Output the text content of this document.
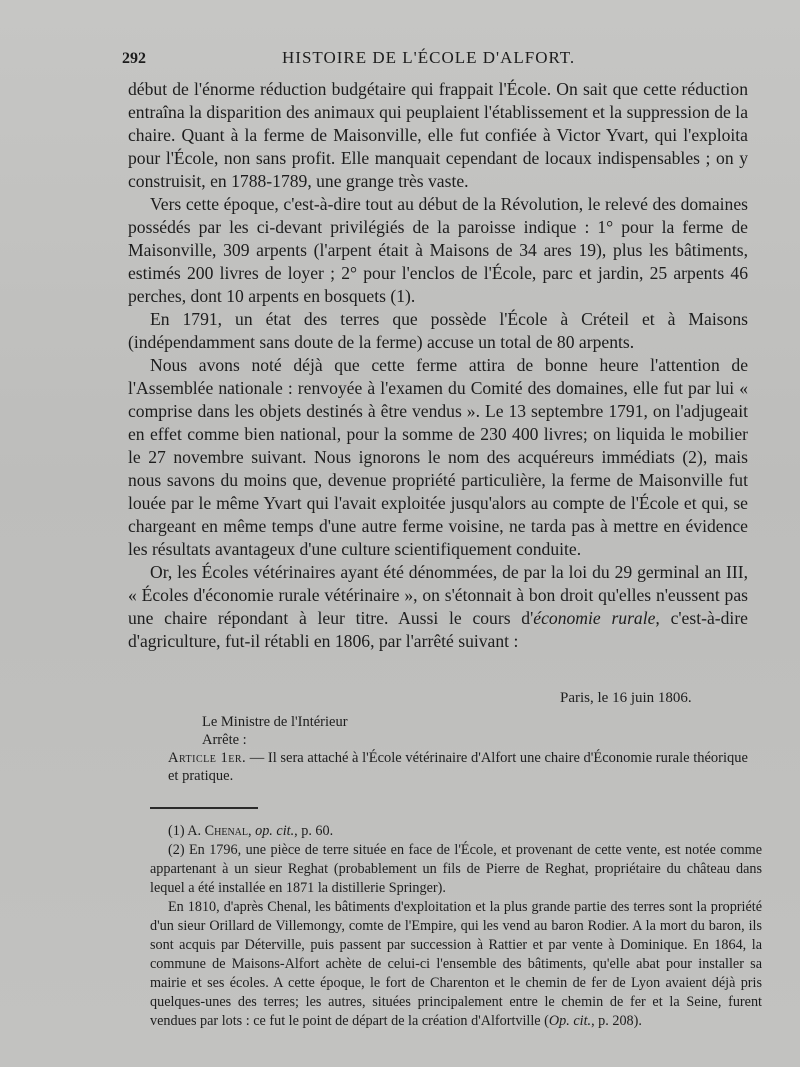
292	HISTOIRE DE L'ÉCOLE D'ALFORT.

début de l'énorme réduction budgétaire qui frappait l'École. On sait que cette réduction entraîna la disparition des animaux qui peuplaient l'établissement et la suppression de la chaire. Quant à la ferme de Maisonville, elle fut confiée à Victor Yvart, qui l'exploita pour l'École, non sans profit. Elle manquait cependant de locaux indispensables ; on y construisit, en 1788-1789, une grange très vaste.

Vers cette époque, c'est-à-dire tout au début de la Révolution, le relevé des domaines possédés par les ci-devant privilégiés de la paroisse indique : 1° pour la ferme de Maisonville, 309 arpents (l'arpent était à Maisons de 34 ares 19), plus les bâtiments, estimés 200 livres de loyer ; 2° pour l'enclos de l'École, parc et jardin, 25 arpents 46 perches, dont 10 arpents en bosquets (1).

En 1791, un état des terres que possède l'École à Créteil et à Maisons (indépendamment sans doute de la ferme) accuse un total de 80 arpents.

Nous avons noté déjà que cette ferme attira de bonne heure l'attention de l'Assemblée nationale : renvoyée à l'examen du Comité des domaines, elle fut par lui « comprise dans les objets destinés à être vendus ». Le 13 septembre 1791, on l'adjugeait en effet comme bien national, pour la somme de 230 400 livres; on liquida le mobilier le 27 novembre suivant. Nous ignorons le nom des acquéreurs immédiats (2), mais nous savons du moins que, devenue propriété particulière, la ferme de Maisonville fut louée par le même Yvart qui l'avait exploitée jusqu'alors au compte de l'École et qui, se chargeant en même temps d'une autre ferme voisine, ne tarda pas à mettre en évidence les résultats avantageux d'une culture scientifiquement conduite.

Or, les Écoles vétérinaires ayant été dénommées, de par la loi du 29 germinal an III, « Écoles d'économie rurale vétérinaire », on s'étonnait à bon droit qu'elles n'eussent pas une chaire répondant à leur titre. Aussi le cours d'économie rurale, c'est-à-dire d'agriculture, fut-il rétabli en 1806, par l'arrêté suivant :

Paris, le 16 juin 1806.
Le Ministre de l'Intérieur
Arrête :
Article 1er. — Il sera attaché à l'École vétérinaire d'Alfort une chaire d'Économie rurale théorique et pratique.

(1) A. Chenal, op. cit., p. 60.

(2) En 1796, une pièce de terre située en face de l'École, et provenant de cette vente, est notée comme appartenant à un sieur Reghat (probablement un fils de Pierre de Reghat, propriétaire du château dans lequel a été installée en 1871 la distillerie Springer).

En 1810, d'après Chenal, les bâtiments d'exploitation et la plus grande partie des terres sont la propriété d'un sieur Orillard de Villemongy, comte de l'Empire, qui les vend au baron Rodier. A la mort du baron, ils sont acquis par Déterville, puis passent par succession à Rattier et par vente à Dominique. En 1864, la commune de Maisons-Alfort achète de celui-ci l'ensemble des bâtiments, qu'elle abat pour installer sa mairie et ses écoles. A cette époque, le fort de Charenton et le chemin de fer de Lyon avaient déjà pris quelques-unes des terres; les autres, situées principalement entre le chemin de fer et la Seine, furent vendues par lots : ce fut le point de départ de la création d'Alfortville (Op. cit., p. 208).
